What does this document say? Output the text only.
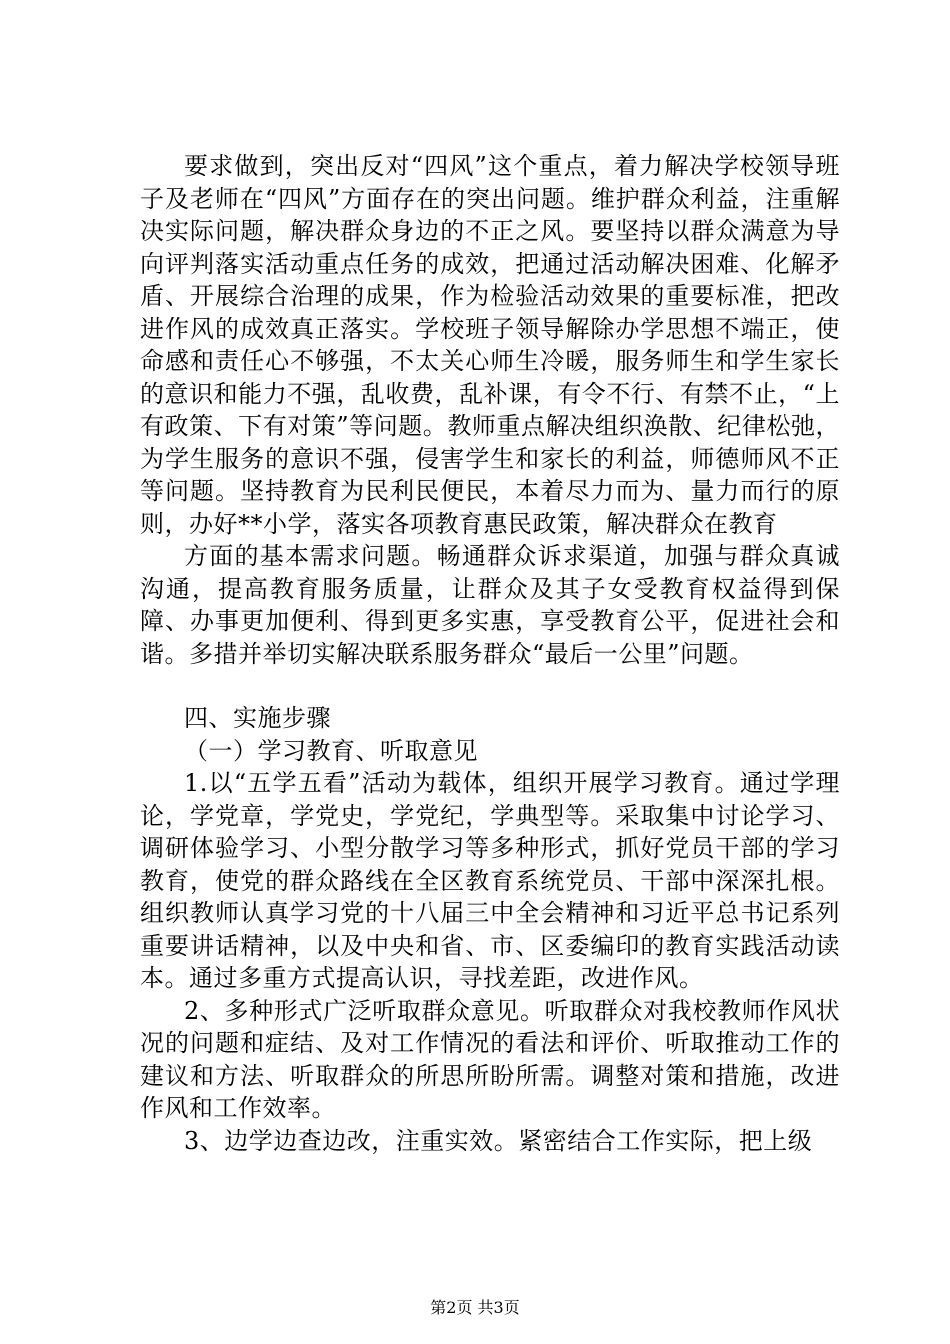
要求做到，突出反对“四风”这个重点，着力解决学校领导班子及老师在“四风”方面存在的突出问题。维护群众利益，注重解决实际问题，解决群众身边的不正之风。要坚持以群众满意为导向评判落实活动重点任务的成效，把通过活动解决困难、化解矛盾、开展综合治理的成果，作为检验活动效果的重要标准，把改进作风的成效真正落实。学校班子领导解除办学思想不端正，使命感和责任心不够强，不太关心师生冷暖，服务师生和学生家长的意识和能力不强，乱收费，乱补课，有令不行、有禁不止，“上有政策、下有对策”等问题。教师重点解决组织涣散、纪律松弛，为学生服务的意识不强，侵害学生和家长的利益，师德师风不正等问题。坚持教育为民利民便民，本着尽力而为、量力而行的原则，办好**小学，落实各项教育惠民政策，解决群众在教育

方面的基本需求问题。畅通群众诉求渠道，加强与群众真诚沟通，提高教育服务质量，让群众及其子女受教育权益得到保障、办事更加便利、得到更多实惠，享受教育公平，促进社会和谐。多措并举切实解决联系服务群众“最后一公里”问题。

四、实施步骤

（一）学习教育、听取意见

1.以“五学五看”活动为载体，组织开展学习教育。通过学理论，学党章，学党史，学党纪，学典型等。采取集中讨论学习、调研体验学习、小型分散学习等多种形式，抓好党员干部的学习教育，使党的群众路线在全区教育系统党员、干部中深深扎根。组织教师认真学习党的十八届三中全会精神和习近平总书记系列重要讲话精神，以及中央和省、市、区委编印的教育实践活动读本。通过多重方式提高认识，寻找差距，改进作风。

2、多种形式广泛听取群众意见。听取群众对我校教师作风状况的问题和症结、及对工作情况的看法和评价、听取推动工作的建议和方法、听取群众的所思所盼所需。调整对策和措施，改进作风和工作效率。

3、边学边查边改，注重实效。紧密结合工作实际，把上级

第2页 共3页
